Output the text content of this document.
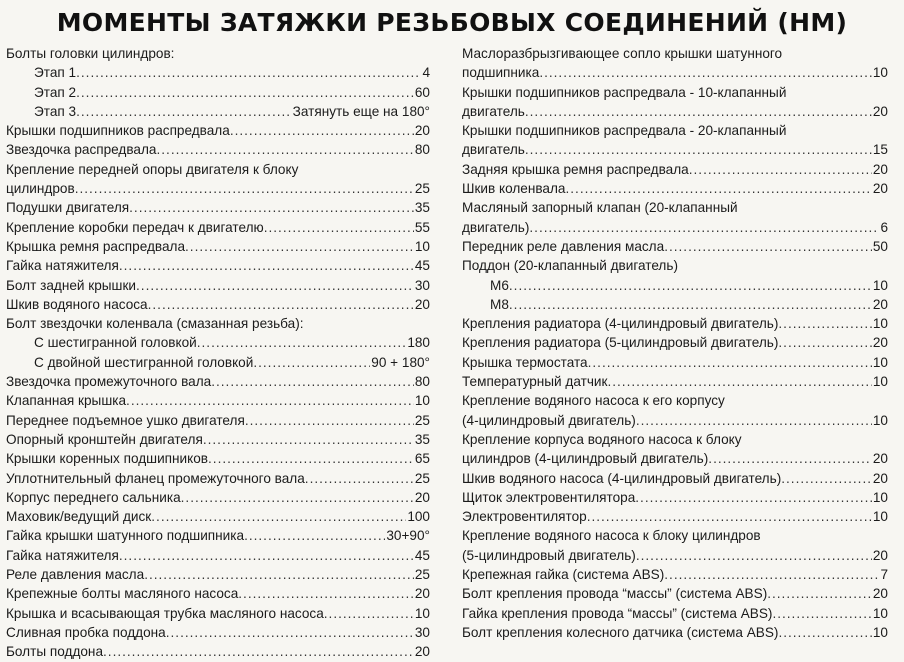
МОМЕНТЫ ЗАТЯЖКИ РЕЗЬБОВЫХ СОЕДИНЕНИЙ (НМ)
Болты головки цилиндров:
Этап 1 .....	4
Этап 2 .....	60
Этап 3 .....	Затянуть еще на 180°
Крышки подшипников распредвала .....	20
Звездочка распредвала .....	80
Крепление передней опоры двигателя к блоку
цилиндров .....	25
Подушки двигателя .....	35
Крепление коробки передач к двигателю .....	55
Крышка ремня распредвала .....	10
Гайка натяжителя .....	45
Болт задней крышки .....	30
Шкив водяного насоса .....	20
Болт звездочки коленвала (смазанная резьба):
С шестигранной головкой .....	180
С двойной шестигранной головкой .....	90 + 180°
Звездочка промежуточного вала .....	80
Клапанная крышка .....	10
Переднее подъемное ушко двигателя .....	25
Опорный кронштейн двигателя .....	35
Крышки коренных подшипников .....	65
Уплотнительный фланец промежуточного вала .....	25
Корпус переднего сальника .....	20
Маховик/ведущий диск .....	100
Гайка крышки шатунного подшипника .....	30+90°
Гайка натяжителя .....	45
Реле давления масла .....	25
Крепежные болты масляного насоса .....	20
Крышка и всасывающая трубка масляного насоса .....	10
Сливная пробка поддона .....	30
Болты поддона .....	20
Маслоразбрызгивающее сопло крышки шатунного
подшипника .....	10
Крышки подшипников распредвала - 10-клапанный
двигатель .....	20
Крышки подшипников распредвала - 20-клапанный
двигатель .....	15
Задняя крышка ремня распредвала .....	20
Шкив коленвала .....	20
Масляный запорный клапан (20-клапанный
двигатель) .....	6
Передник реле давления масла .....	50
Поддон (20-клапанный двигатель)
М6 .....	10
М8 .....	20
Крепления радиатора (4-цилиндровый двигатель) .....	10
Крепления радиатора (5-цилиндровый двигатель) .....	20
Крышка термостата .....	10
Температурный датчик .....	10
Крепление водяного насоса к его корпусу
(4-цилиндровый двигатель) .....	10
Крепление корпуса водяного насоса к блоку
цилиндров (4-цилиндровый двигатель) .....	20
Шкив водяного насоса (4-цилиндровый двигатель) .....	20
Щиток электровентилятора .....	10
Электровентилятор .....	10
Крепление водяного насоса к блоку цилиндров
(5-цилиндровый двигатель) .....	20
Крепежная гайка (система ABS) .....	7
Болт крепления провода “массы” (система ABS) .....	20
Гайка крепления провода “массы” (система ABS) .....	10
Болт крепления колесного датчика (система ABS) .....	10
